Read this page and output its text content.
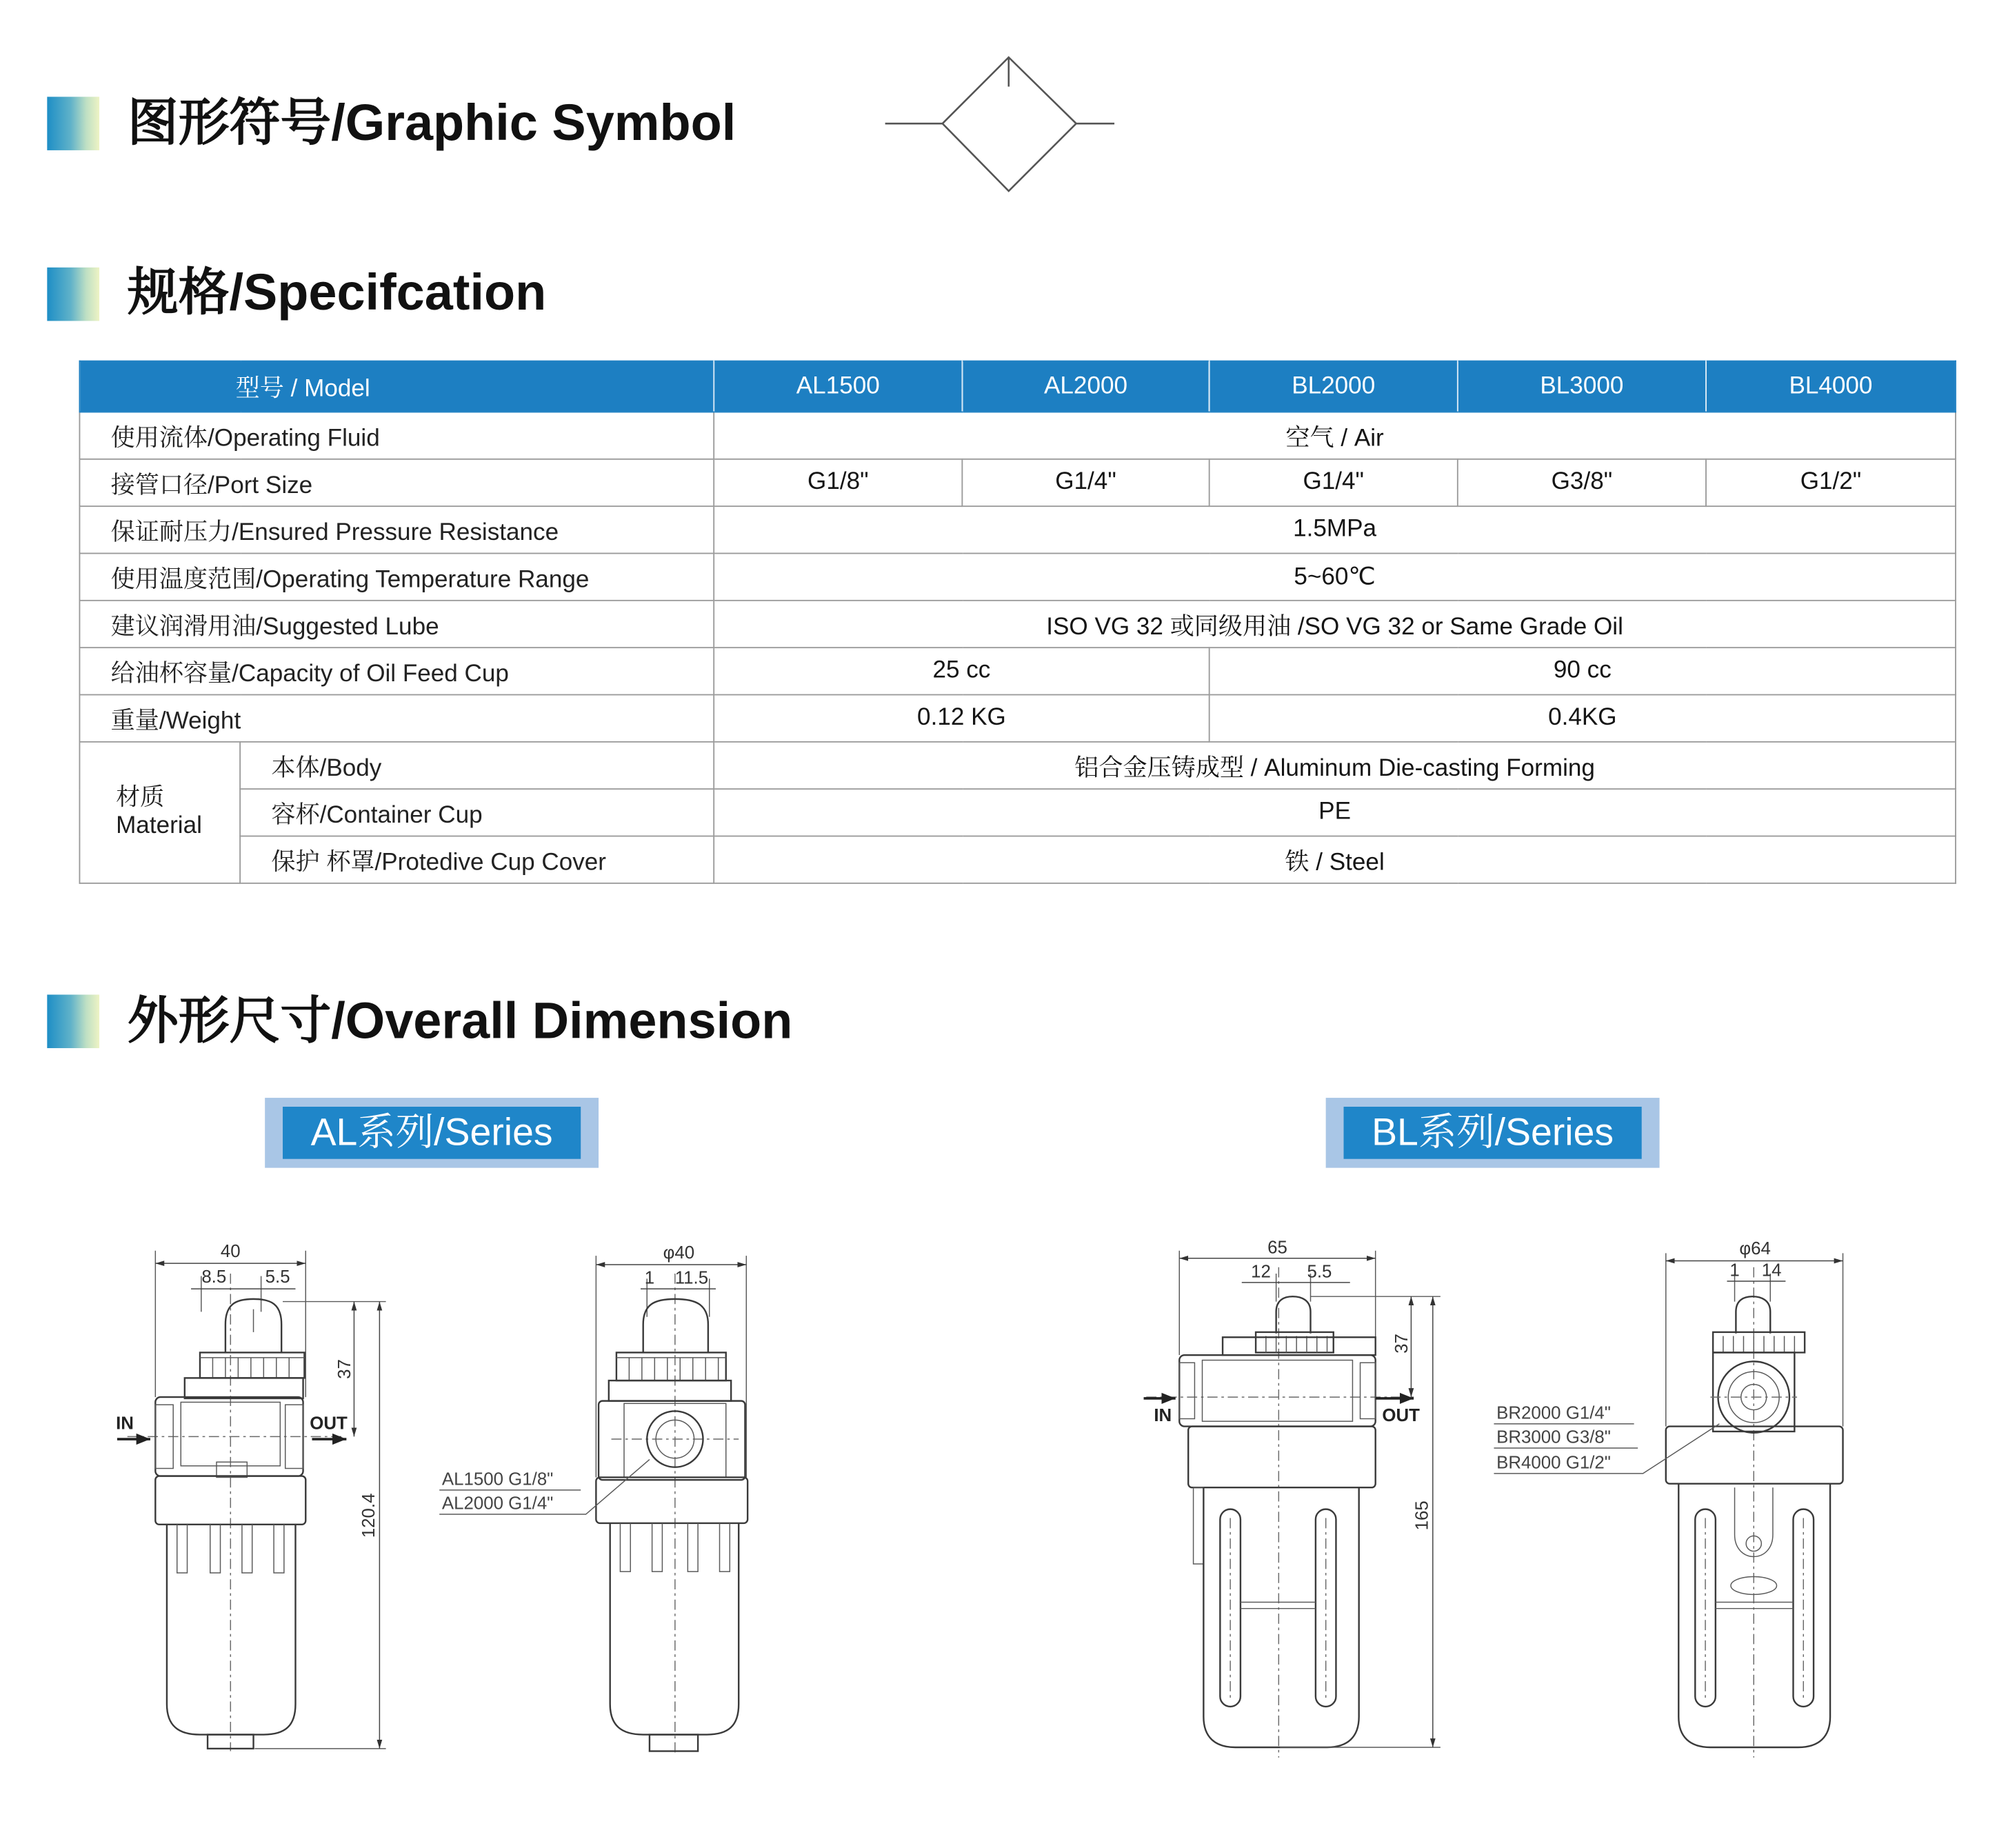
40
8.5	5.5
IN	OUT
37
120.4
φ40
1 11.5
AL1500 G1/8"
AL2000 G1/4"
65
12	5.5
IN	OUT
37
165
φ64
1 14
BR2000 G1/4"
BR3000 G3/8"
BR4000 G1/2"
图形符号/Graphic Symbol
规格/Specifcation
外形尺寸/Overall Dimension
型号 / Model		AL1500	AL2000	BL2000	BL3000	BL4000
使用流体/Operating Fluid		空气 / Air				
接管口径/Port Size		G1/8"	G1/4"	G1/4"	G3/8"	G1/2"
保证耐压力/Ensured Pressure Resistance		1.5MPa				
使用温度范围/Operating Temperature Range		5~60℃				
建议润滑用油/Suggested Lube		ISO VG 32 或同级用油 /SO VG 32 or Same Grade Oil				
给油杯容量/Capacity of Oil Feed Cup		25 cc		90 cc		
重量/Weight		0.12 KG		0.4KG		
材质
Material	本体/Body	铝合金压铸成型 / Aluminum Die-casting Forming				
	容杯/Container Cup	PE				
	保护 杯罩/Protedive Cup Cover	铁 / Steel				
AL系列/Series	BL系列/Series
